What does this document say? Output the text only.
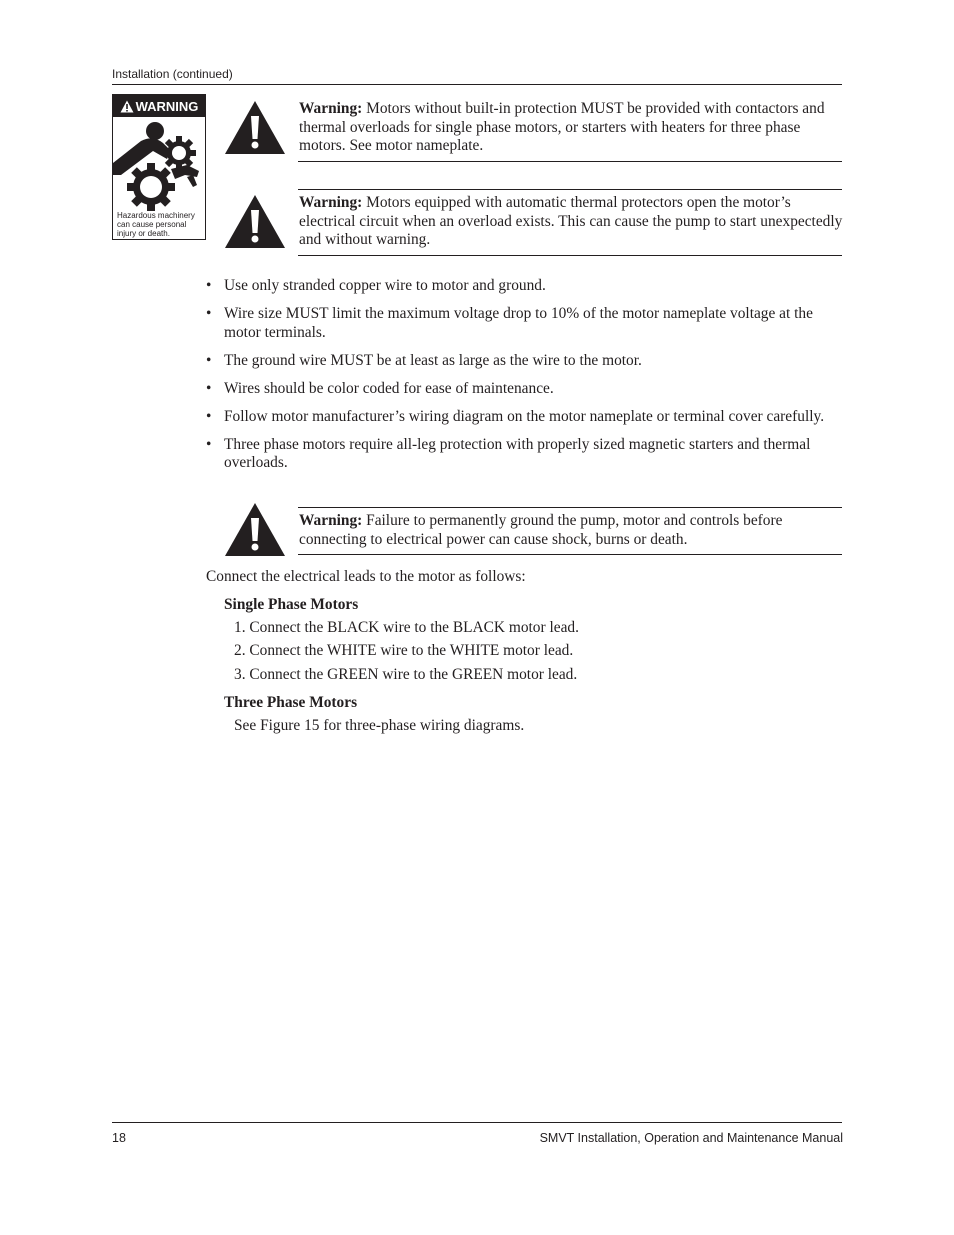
Installation (continued)
WARNING
Hazardous machinery can cause personal injury or death.
Warning: Motors without built-in protection MUST be provided with contactors and thermal overloads for single phase motors, or starters with heaters for three phase motors. See motor nameplate.
Warning: Motors equipped with automatic thermal protectors open the motor’s electrical circuit when an overload exists. This can cause the pump to start unexpectedly and without warning.
• Use only stranded copper wire to motor and ground.
• Wire size MUST limit the maximum voltage drop to 10% of the motor nameplate voltage at the motor terminals.
• The ground wire MUST be at least as large as the wire to the motor.
• Wires should be color coded for ease of maintenance.
• Follow motor manufacturer’s wiring diagram on the motor nameplate or terminal cover carefully.
• Three phase motors require all-leg protection with properly sized magnetic starters and thermal overloads.
Warning: Failure to permanently ground the pump, motor and controls before connecting to electrical power can cause shock, burns or death.
Connect the electrical leads to the motor as follows:
Single Phase Motors
1. Connect the BLACK wire to the BLACK motor lead.
2. Connect the WHITE wire to the WHITE motor lead.
3. Connect the GREEN wire to the GREEN motor lead.
Three Phase Motors
See Figure 15 for three-phase wiring diagrams.
18	SMVT Installation, Operation and Maintenance Manual
